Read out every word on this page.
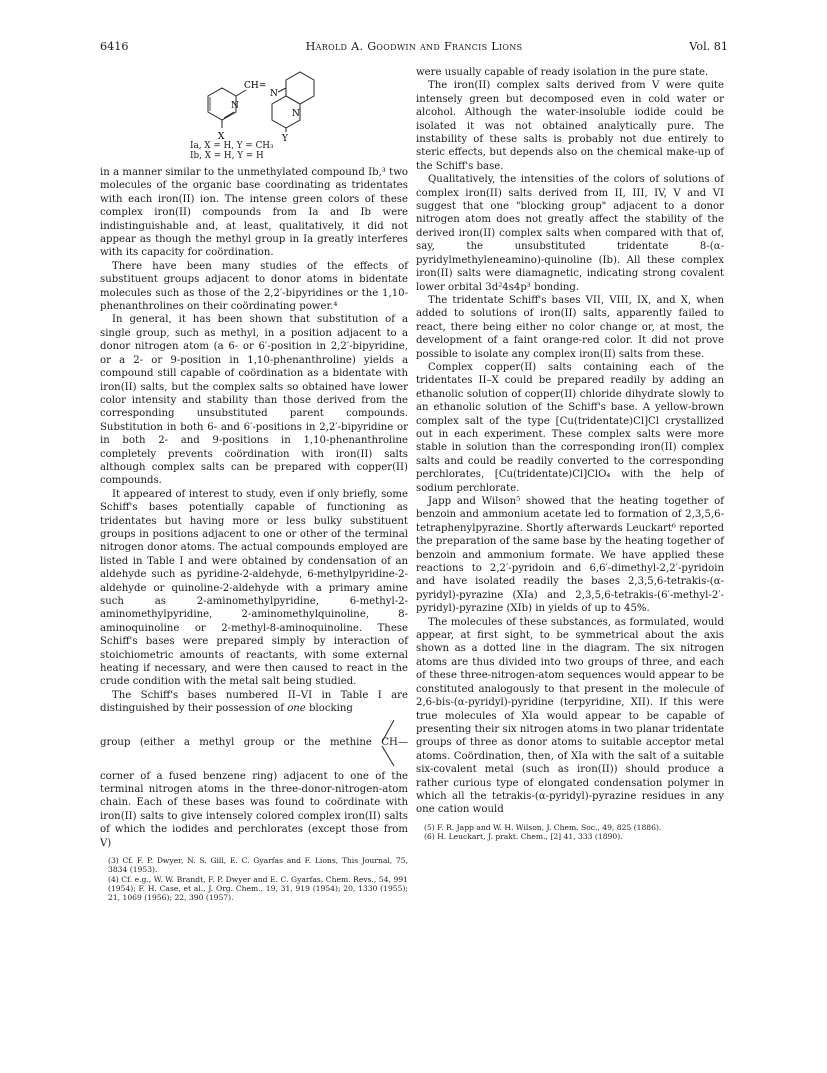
6416	Harold A. Goodwin and Francis Lions	Vol. 81
N
CH=
N
N
X	Y
Ia, X = H, Y = CH₃
Ib, X = H, Y = H

in a manner similar to the unmethylated compound Ib,³ two molecules of the organic base coordinating as tridentates with each iron(II) ion. The intense green colors of these complex iron(II) compounds from Ia and Ib were indistinguishable and, at least, qualitatively, it did not appear as though the methyl group in Ia greatly interferes with its capacity for coördination.

There have been many studies of the effects of substituent groups adjacent to donor atoms in bidentate molecules such as those of the 2,2′-bipyridines or the 1,10-phenanthrolines on their coördinating power.⁴

In general, it has been shown that substitution of a single group, such as methyl, in a position adjacent to a donor nitrogen atom (a 6- or 6′-position in 2,2′-bipyridine, or a 2- or 9-position in 1,10-phenanthroline) yields a compound still capable of coördination as a bidentate with iron(II) salts, but the complex salts so obtained have lower color intensity and stability than those derived from the corresponding unsubstituted parent compounds. Substitution in both 6- and 6′-positions in 2,2′-bipyridine or in both 2- and 9-positions in 1,10-phenanthroline completely prevents coördination with iron(II) salts although complex salts can be prepared with copper(II) compounds.

It appeared of interest to study, even if only briefly, some Schiff's bases potentially capable of functioning as tridentates but having more or less bulky substituent groups in positions adjacent to one or other of the terminal nitrogen donor atoms. The actual compounds employed are listed in Table I and were obtained by condensation of an aldehyde such as pyridine-2-aldehyde, 6-methylpyridine-2-aldehyde or quinoline-2-aldehyde with a primary amine such as 2-aminomethylpyridine, 6-methyl-2-aminomethylpyridine, 2-aminomethylquinoline, 8-aminoquinoline or 2-methyl-8-aminoquinoline. These Schiff's bases were prepared simply by interaction of stoichiometric amounts of reactants, with some external heating if necessary, and were then caused to react in the crude condition with the metal salt being studied.

The Schiff's bases numbered II–VI in Table I are distinguished by their possession of one blocking

group (either a methyl group or the methine CH—

corner of a fused benzene ring) adjacent to one of the terminal nitrogen atoms in the three-donor-nitrogen-atom chain. Each of these bases was found to coördinate with iron(II) salts to give intensely colored complex iron(II) salts of which the iodides and perchlorates (except those from V)

(3) Cf. F. P. Dwyer, N. S. Gill, E. C. Gyarfas and F. Lions, This Journal, 75, 3834 (1953).
(4) Cf. e.g., W. W. Brandt, F. P. Dwyer and E. C. Gyarfas, Chem. Revs., 54, 991 (1954); F. H. Case, et al., J. Org. Chem., 19, 31, 919 (1954); 20, 1330 (1955); 21, 1069 (1956); 22, 390 (1957).

were usually capable of ready isolation in the pure state.

The iron(II) complex salts derived from V were quite intensely green but decomposed even in cold water or alcohol. Although the water-insoluble iodide could be isolated it was not obtained analytically pure. The instability of these salts is probably not due entirely to steric effects, but depends also on the chemical make-up of the Schiff's base.

Qualitatively, the intensities of the colors of solutions of complex iron(II) salts derived from II, III, IV, V and VI suggest that one "blocking group" adjacent to a donor nitrogen atom does not greatly affect the stability of the derived iron(II) complex salts when compared with that of, say, the unsubstituted tridentate 8-(α-pyridylmethyleneamino)-quinoline (Ib). All these complex iron(II) salts were diamagnetic, indicating strong covalent lower orbital 3d²4s4p³ bonding.

The tridentate Schiff's bases VII, VIII, IX, and X, when added to solutions of iron(II) salts, apparently failed to react, there being either no color change or, at most, the development of a faint orange-red color. It did not prove possible to isolate any complex iron(II) salts from these.

Complex copper(II) salts containing each of the tridentates II–X could be prepared readily by adding an ethanolic solution of copper(II) chloride dihydrate slowly to an ethanolic solution of the Schiff's base. A yellow-brown complex salt of the type [Cu(tridentate)Cl]Cl crystallized out in each experiment. These complex salts were more stable in solution than the corresponding iron(II) complex salts and could be readily converted to the corresponding perchlorates, [Cu(tridentate)Cl]ClO₄ with the help of sodium perchlorate.

Japp and Wilson⁵ showed that the heating together of benzoin and ammonium acetate led to formation of 2,3,5,6-tetraphenylpyrazine. Shortly afterwards Leuckart⁶ reported the preparation of the same base by the heating together of benzoin and ammonium formate. We have applied these reactions to 2,2′-pyridoin and 6,6′-dimethyl-2,2′-pyridoin and have isolated readily the bases 2,3,5,6-tetrakis-(α-pyridyl)-pyrazine (XIa) and 2,3,5,6-tetrakis-(6′-methyl-2′-pyridyl)-pyrazine (XIb) in yields of up to 45%.

The molecules of these substances, as formulated, would appear, at first sight, to be symmetrical about the axis shown as a dotted line in the diagram. The six nitrogen atoms are thus divided into two groups of three, and each of these three-nitrogen-atom sequences would appear to be constituted analogously to that present in the molecule of 2,6-bis-(α-pyridyl)-pyridine (terpyridine, XII). If this were true molecules of XIa would appear to be capable of presenting their six nitrogen atoms in two planar tridentate groups of three as donor atoms to suitable acceptor metal atoms. Coördination, then, of XIa with the salt of a suitable six-covalent metal (such as iron(II)) should produce a rather curious type of elongated condensation polymer in which all the tetrakis-(α-pyridyl)-pyrazine residues in any one cation would

(5) F. R. Japp and W. H. Wilson, J. Chem. Soc., 49, 825 (1886).
(6) H. Leuckart, J. prakt. Chem., [2] 41, 333 (1890).
